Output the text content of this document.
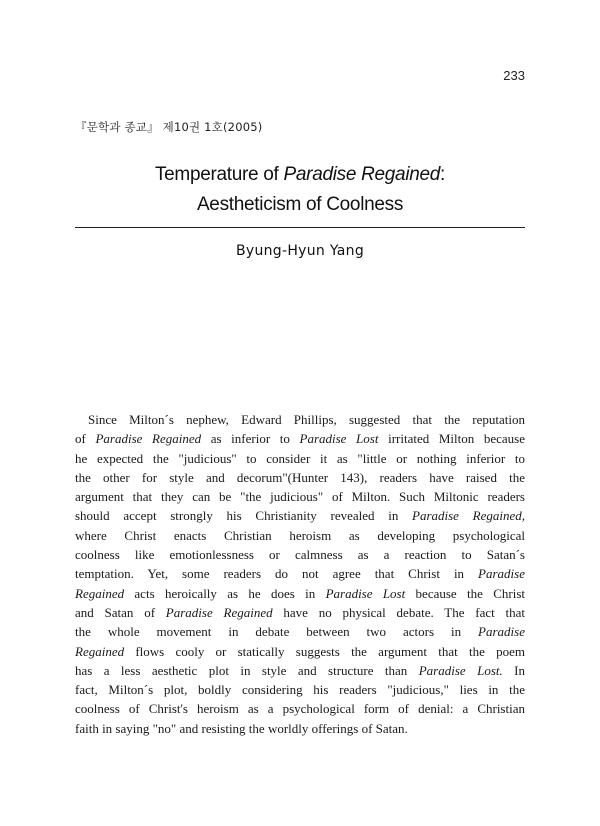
233
『문학과 종교』 제10권 1호(2005)
Temperature of Paradise Regained:
Aestheticism of Coolness
Byung-Hyun Yang
Since Milton´s nephew, Edward Phillips, suggested that the reputation
of Paradise Regained as inferior to Paradise Lost irritated Milton because
he expected the "judicious" to consider it as "little or nothing inferior to
the other for style and decorum"(Hunter 143), readers have raised the
argument that they can be "the judicious" of Milton. Such Miltonic readers
should accept strongly his Christianity revealed in Paradise Regained,
where Christ enacts Christian heroism as developing psychological
coolness like emotionlessness or calmness as a reaction to Satan´s
temptation. Yet, some readers do not agree that Christ in Paradise
Regained acts heroically as he does in Paradise Lost because the Christ
and Satan of Paradise Regained have no physical debate. The fact that
the whole movement in debate between two actors in Paradise
Regained flows cooly or statically suggests the argument that the poem
has a less aesthetic plot in style and structure than Paradise Lost. In
fact, Milton´s plot, boldly considering his readers "judicious," lies in the
coolness of Christ's heroism as a psychological form of denial: a Christian
faith in saying "no" and resisting the worldly offerings of Satan.
